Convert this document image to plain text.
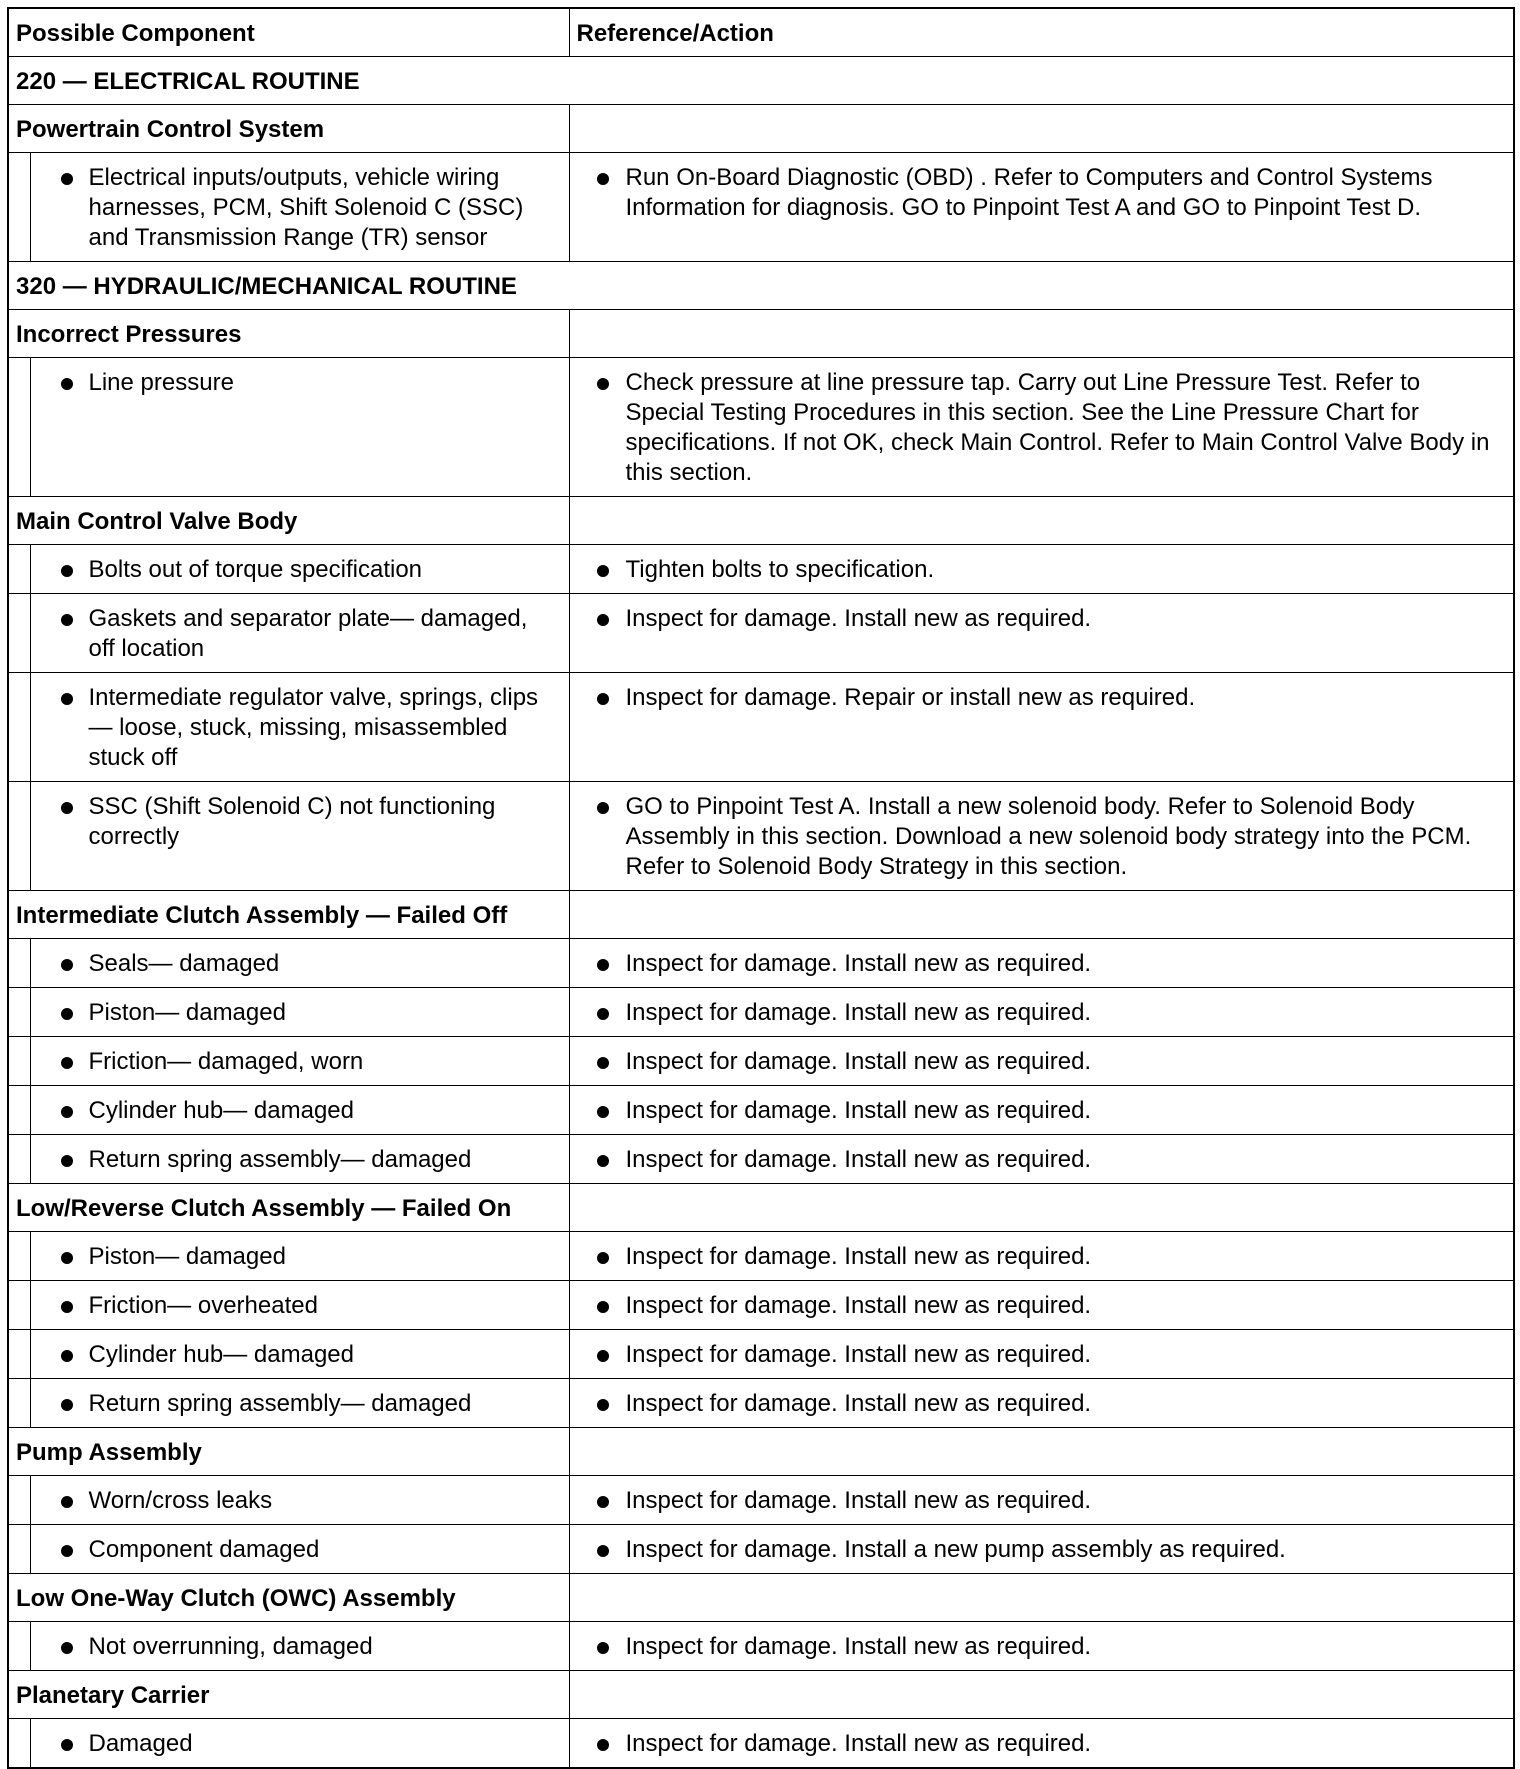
Possible Component		Reference/Action

220 — ELECTRICAL ROUTINE		

Powertrain Control System		

	Electrical inputs/outputs, vehicle wiring harnesses, PCM, Shift Solenoid C (SSC) and Transmission Range (TR) sensor	Run On-Board Diagnostic (OBD) . Refer to Computers and Control Systems Information for diagnosis. GO to Pinpoint Test A and GO to Pinpoint Test D.

320 — HYDRAULIC/MECHANICAL ROUTINE		

Incorrect Pressures		

	Line pressure	Check pressure at line pressure tap. Carry out Line Pressure Test. Refer to Special Testing Procedures in this section. See the Line Pressure Chart for specifications. If not OK, check Main Control. Refer to Main Control Valve Body in this section.

Main Control Valve Body		

	Bolts out of torque specification	Tighten bolts to specification.

	Gaskets and separator plate— damaged, off location	Inspect for damage. Install new as required.

	Intermediate regulator valve, springs, clips— loose, stuck, missing, misassembled stuck off	Inspect for damage. Repair or install new as required.

	SSC (Shift Solenoid C) not functioning correctly	GO to Pinpoint Test A. Install a new solenoid body. Refer to Solenoid Body Assembly in this section. Download a new solenoid body strategy into the PCM. Refer to Solenoid Body Strategy in this section.

Intermediate Clutch Assembly — Failed Off		

	Seals— damaged	Inspect for damage. Install new as required.

	Piston— damaged	Inspect for damage. Install new as required.

	Friction— damaged, worn	Inspect for damage. Install new as required.

	Cylinder hub— damaged	Inspect for damage. Install new as required.

	Return spring assembly— damaged	Inspect for damage. Install new as required.

Low/Reverse Clutch Assembly — Failed On		

	Piston— damaged	Inspect for damage. Install new as required.

	Friction— overheated	Inspect for damage. Install new as required.

	Cylinder hub— damaged	Inspect for damage. Install new as required.

	Return spring assembly— damaged	Inspect for damage. Install new as required.

Pump Assembly		

	Worn/cross leaks	Inspect for damage. Install new as required.

	Component damaged	Inspect for damage. Install a new pump assembly as required.

Low One-Way Clutch (OWC) Assembly		

	Not overrunning, damaged	Inspect for damage. Install new as required.

Planetary Carrier		

	Damaged	Inspect for damage. Install new as required.
